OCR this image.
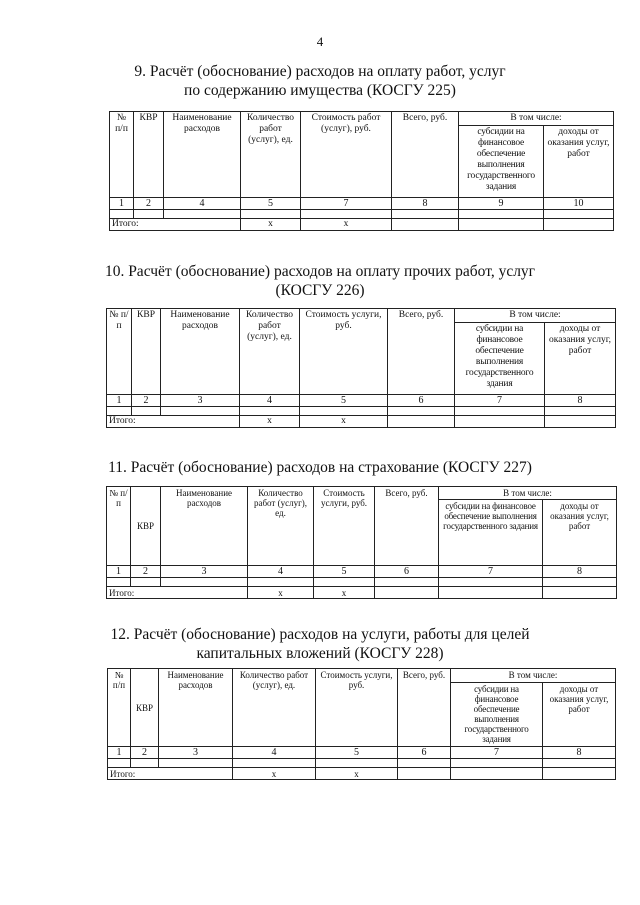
4
9. Расчёт (обоснование) расходов на оплату работ, услуг
по содержанию имущества (КОСГУ 225)
№ п/п	КВР	Наименование расходов	Количество работ (услуг), ед.	Стоимость работ (услуг), руб.	Всего, руб.	В том числе:	
						субсидии на финансовое обеспечение выполнения государственного задания	доходы от оказания услуг, работ
1	2	4	5	7	8	9	10

Итого:			х	х			
10. Расчёт (обоснование) расходов на оплату прочих работ, услуг
(КОСГУ 226)
№ п/п	КВР	Наименование расходов	Количество работ (услуг), ед.	Стоимость услуги, руб.	Всего, руб.	В том числе:	
						субсидии на финансовое обеспечение выполнения государственного здания	доходы от оказания услуг, работ
1	2	3	4	5	6	7	8

Итого:			х	х			
11. Расчёт (обоснование) расходов на страхование (КОСГУ 227)
№ п/п	КВР	Наименование расходов	Количество работ (услуг), ед.	Стоимость услуги, руб.	Всего, руб.	В том числе:	
						субсидии на финансовое обеспечение выполнения государственного задания	доходы от оказания услуг, работ
1	2	3	4	5	6	7	8

Итого:			х	х			
12. Расчёт (обоснование) расходов на услуги, работы для целей
капитальных вложений (КОСГУ 228)
№ п/п	КВР	Наименование расходов	Количество работ (услуг), ед.	Стоимость услуги, руб.	Всего, руб.	В том числе:	
						субсидии на финансовое обеспечение выполнения государственного задания	доходы от оказания услуг, работ
1	2	3	4	5	6	7	8

Итого:			х	х			
